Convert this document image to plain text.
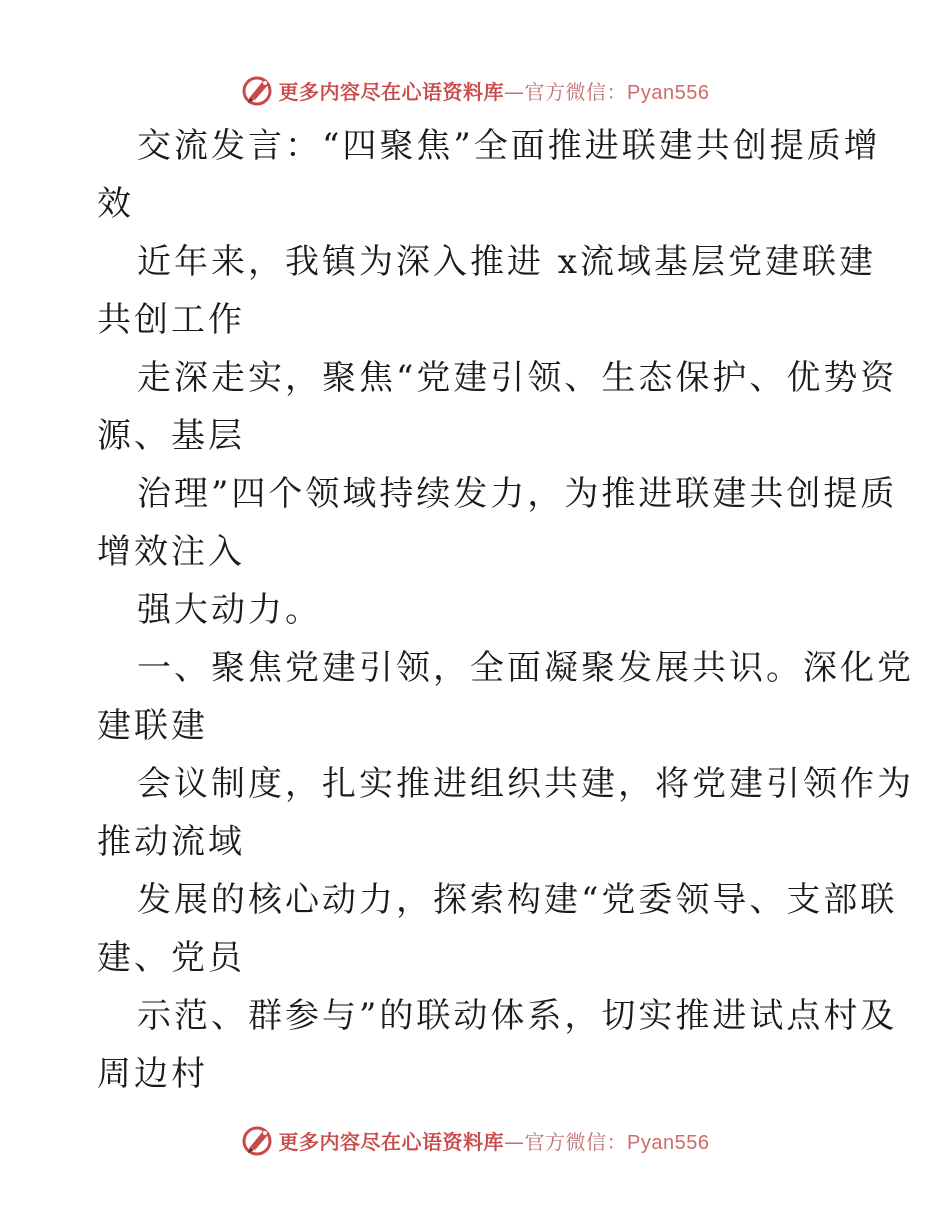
更多内容尽在心语资料库—官方微信：Pyan556
交流发言：“四聚焦”全面推进联建共创提质增
效
近年来，我镇为深入推进 x流域基层党建联建
共创工作
走深走实，聚焦“党建引领、生态保护、优势资
源、基层
治理”四个领域持续发力，为推进联建共创提质
增效注入
强大动力。
一、聚焦党建引领，全面凝聚发展共识。深化党
建联建
会议制度，扎实推进组织共建，将党建引领作为
推动流域
发展的核心动力，探索构建“党委领导、支部联
建、党员
示范、群参与”的联动体系，切实推进试点村及
周边村
更多内容尽在心语资料库—官方微信：Pyan556
